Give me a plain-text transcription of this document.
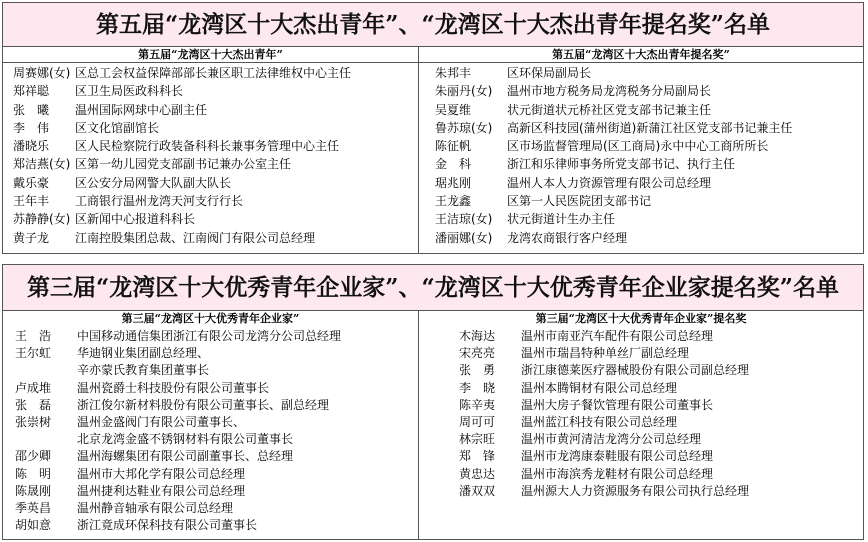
第五届“龙湾区十大杰出青年”、“龙湾区十大杰出青年提名奖”名单
第五届“龙湾区十大杰出青年”
周赛娜(女) 区总工会权益保障部部长兼区职工法律维权中心主任
郑祥聪	区卫生局医政科科长
张　曦	温州国际网球中心副主任
李　伟	区文化馆副馆长
潘晓乐	区人民检察院行政装备科科长兼事务管理中心主任
郑洁燕(女) 区第一幼儿园党支部副书记兼办公室主任
戴乐豪	区公安分局网警大队副大队长
王年丰	工商银行温州龙湾天河支行行长
苏静静(女) 区新闻中心报道科科长
黄子龙	江南控股集团总裁、江南阀门有限公司总经理
第五届“龙湾区十大杰出青年提名奖”
朱邦丰	区环保局副局长
朱丽丹(女)	温州市地方税务局龙湾税务分局副局长
吴夏维	状元街道状元桥社区党支部书记兼主任
鲁苏琼(女)	高新区科技园(蒲州街道)新蒲江社区党支部书记兼主任
陈征帆	区市场监督管理局(区工商局)永中中心工商所所长
金　科	浙江和乐律师事务所党支部书记、执行主任
琚兆刚	温州人本人力资源管理有限公司总经理
王龙鑫	区第一人民医院团支部书记
王洁琼(女)	状元街道计生办主任
潘丽娜(女)	龙湾农商银行客户经理
第三届“龙湾区十大优秀青年企业家”、“龙湾区十大优秀青年企业家提名奖”名单
第三届“龙湾区十大优秀青年企业家”
王　浩	中国移动通信集团浙江有限公司龙湾分公司总经理
王尔虹	华迪钢业集团副总经理、
辛亦蒙氏教育集团董事长
卢成堆	温州瓷爵士科技股份有限公司董事长
张　磊	浙江俊尔新材料股份有限公司董事长、副总经理
张崇树	温州金盛阀门有限公司董事长、
北京龙湾金盛不锈钢材料有限公司董事长
邵少卿	温州海螺集团有限公司副董事长、总经理
陈　明	温州市大邦化学有限公司总经理
陈晟刚	温州捷利达鞋业有限公司总经理
季英昌	温州静音轴承有限公司总经理
胡如意	浙江竟成环保科技有限公司董事长
第三届“龙湾区十大优秀青年企业家”提名奖
木海达	温州市南亚汽车配件有限公司总经理
宋亮亮	温州市瑞昌特种单丝厂副总经理
张　勇	浙江康德莱医疗器械股份有限公司副总经理
李　晓	温州本腾铜材有限公司总经理
陈辛夷	温州大房子餐饮管理有限公司董事长
周可可	温州蓝江科技有限公司总经理
林宗旺	温州市黄河清洁龙湾分公司总经理
郑　锋	温州市龙湾康泰鞋服有限公司总经理
黄忠达	温州市海滨秀龙鞋材有限公司总经理
潘双双	温州源大人力资源服务有限公司执行总经理
